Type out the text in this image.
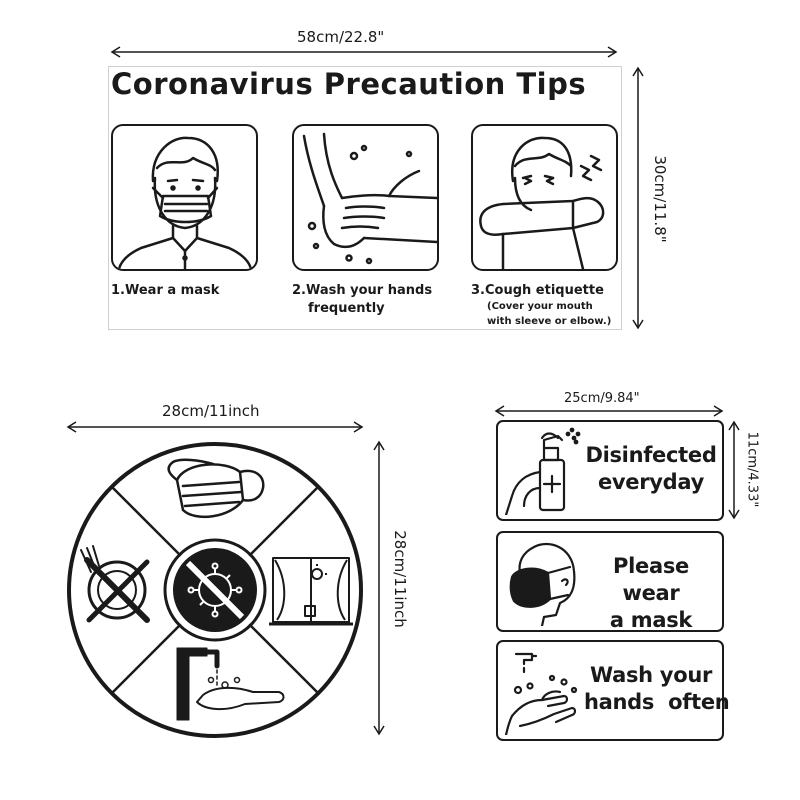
58cm/22.8"
30cm/11.8"
Coronavirus Precaution Tips
1.Wear a mask	2.Wash your hands
frequently
3.Cough etiquette
(Cover your mouth
with sleeve or elbow.)
28cm/11inch
28cm/11inch
25cm/9.84"
11cm/4.33"
Disinfected
everyday
Please wear
a mask
Wash your
hands  often
